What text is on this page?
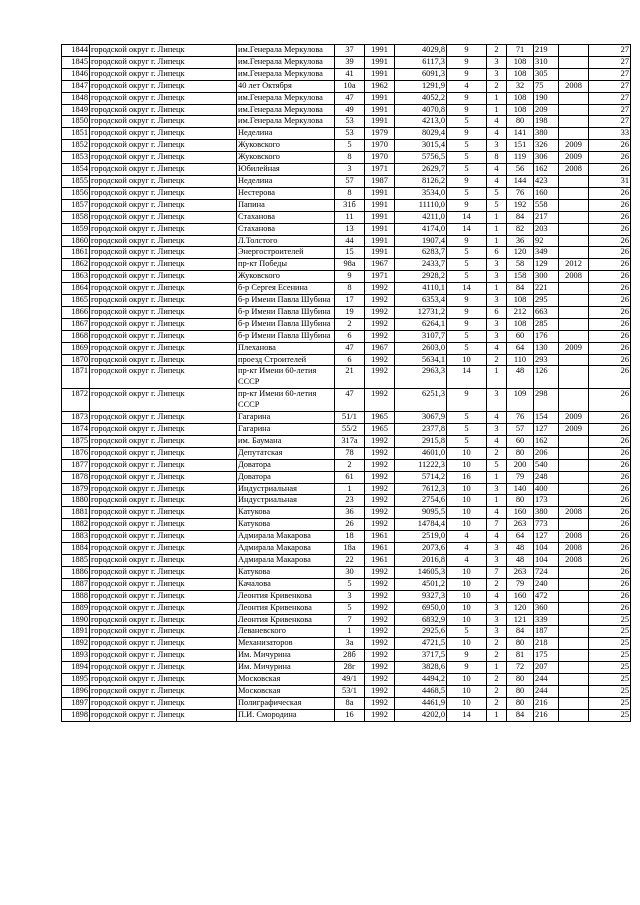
1844	городской округ г. Липецк	им.Генерала Меркулова	37	1991	4029,8	9	2	71	219		27
1845	городской округ г. Липецк	им.Генерала Меркулова	39	1991	6117,3	9	3	108	310		27
1846	городской округ г. Липецк	им.Генерала Меркулова	41	1991	6091,3	9	3	108	305		27
1847	городской округ г. Липецк	40 лет Октября	10а	1962	1291,9	4	2	32	75	2008	27
1848	городской округ г. Липецк	им.Генерала Меркулова	47	1991	4052,2	9	1	108	190		27
1849	городской округ г. Липецк	им.Генерала Меркулова	49	1991	4070,8	9	1	108	209		27
1850	городской округ г. Липецк	им.Генерала Меркулова	53	1991	4213,0	5	4	80	198		27
1851	городской округ г. Липецк	Неделина	53	1979	8029,4	9	4	141	380		33
1852	городской округ г. Липецк	Жуковского	5	1970	3015,4	5	3	151	326	2009	26
1853	городской округ г. Липецк	Жуковского	8	1970	5756,5	5	8	119	306	2009	26
1854	городской округ г. Липецк	Юбилейная	3	1971	2629,7	5	4	56	162	2008	26
1855	городской округ г. Липецк	Неделина	57	1987	8126,2	9	4	144	423		31
1856	городской округ г. Липецк	Нестерова	8	1991	3534,0	5	5	76	160		26
1857	городской округ г. Липецк	Папина	31б	1991	11110,0	9	5	192	558		26
1858	городской округ г. Липецк	Стаханова	11	1991	4211,0	14	1	84	217		26
1859	городской округ г. Липецк	Стаханова	13	1991	4174,0	14	1	82	203		26
1860	городской округ г. Липецк	Л.Толстого	44	1991	1907,4	9	1	36	92		26
1861	городской округ г. Липецк	Энергостроителей	15	1991	6283,7	5	6	120	349		26
1862	городской округ г. Липецк	пр-кт Победы	98а	1967	2433,7	5	3	58	129	2012	26
1863	городской округ г. Липецк	Жуковского	9	1971	2928,2	5	3	158	300	2008	26
1864	городской округ г. Липецк	б-р Сергея Есенина	8	1992	4110,1	14	1	84	221		26
1865	городской округ г. Липецк	б-р Имени Павла Шубина	17	1992	6353,4	9	3	108	295		26
1866	городской округ г. Липецк	б-р Имени Павла Шубина	19	1992	12731,2	9	6	212	663		26
1867	городской округ г. Липецк	б-р Имени Павла Шубина	2	1992	6264,1	9	3	108	285		26
1868	городской округ г. Липецк	б-р Имени Павла Шубина	6	1992	3107,7	5	3	60	176		26
1869	городской округ г. Липецк	Плеханова	47	1967	2603,0	5	4	64	130	2009	26
1870	городской округ г. Липецк	проезд Строителей	6	1992	5634,1	10	2	110	293		26
1871	городской округ г. Липецк	пр-кт Имени 60-летия СССР	21	1992	2963,3	14	1	48	126		26
1872	городской округ г. Липецк	пр-кт Имени 60-летия СССР	47	1992	6251,3	9	3	109	298		26
1873	городской округ г. Липецк	Гагарина	51/1	1965	3067,9	5	4	76	154	2009	26
1874	городской округ г. Липецк	Гагарина	55/2	1965	2377,8	5	3	57	127	2009	26
1875	городской округ г. Липецк	им. Баумана	317а	1992	2915,8	5	4	60	162		26
1876	городской округ г. Липецк	Депутатская	78	1992	4601,0	10	2	80	206		26
1877	городской округ г. Липецк	Доватора	2	1992	11222,3	10	5	200	540		26
1878	городской округ г. Липецк	Доватора	61	1992	5714,2	16	1	79	248		26
1879	городской округ г. Липецк	Индустриальная	1	1992	7612,3	10	3	140	400		26
1880	городской округ г. Липецк	Индустриальная	23	1992	2754,6	10	1	80	173		26
1881	городской округ г. Липецк	Катукова	36	1992	9095,5	10	4	160	380	2008	26
1882	городской округ г. Липецк	Катукова	26	1992	14784,4	10	7	263	773		26
1883	городской округ г. Липецк	Адмирала Макарова	18	1961	2519,0	4	4	64	127	2008	26
1884	городской округ г. Липецк	Адмирала Макарова	18а	1961	2073,6	4	3	48	104	2008	26
1885	городской округ г. Липецк	Адмирала Макарова	22	1961	2016,8	4	3	48	104	2008	26
1886	городской округ г. Липецк	Катукова	30	1992	14605,3	10	7	263	724		26
1887	городской округ г. Липецк	Качалова	5	1992	4501,2	10	2	79	240		26
1888	городской округ г. Липецк	Леонтия Кривенкова	3	1992	9327,3	10	4	160	472		26
1889	городской округ г. Липецк	Леонтия Кривенкова	5	1992	6950,0	10	3	120	360		26
1890	городской округ г. Липецк	Леонтия Кривенкова	7	1992	6832,9	10	3	121	339		25
1891	городской округ г. Липецк	Леваневского	1	1992	2925,6	5	3	84	187		25
1892	городской округ г. Липецк	Механизаторов	3а	1992	4721,5	10	2	80	218		25
1893	городской округ г. Липецк	Им. Мичурина	28б	1992	3717,5	9	2	81	175		25
1894	городской округ г. Липецк	Им. Мичурина	28г	1992	3828,6	9	1	72	207		25
1895	городской округ г. Липецк	Московская	49/1	1992	4494,2	10	2	80	244		25
1896	городской округ г. Липецк	Московская	53/1	1992	4468,5	10	2	80	244		25
1897	городской округ г. Липецк	Полиграфическая	8а	1992	4461,9	10	2	80	216		25
1898	городской округ г. Липецк	П.И. Смородина	16	1992	4202,0	14	1	84	216		25
